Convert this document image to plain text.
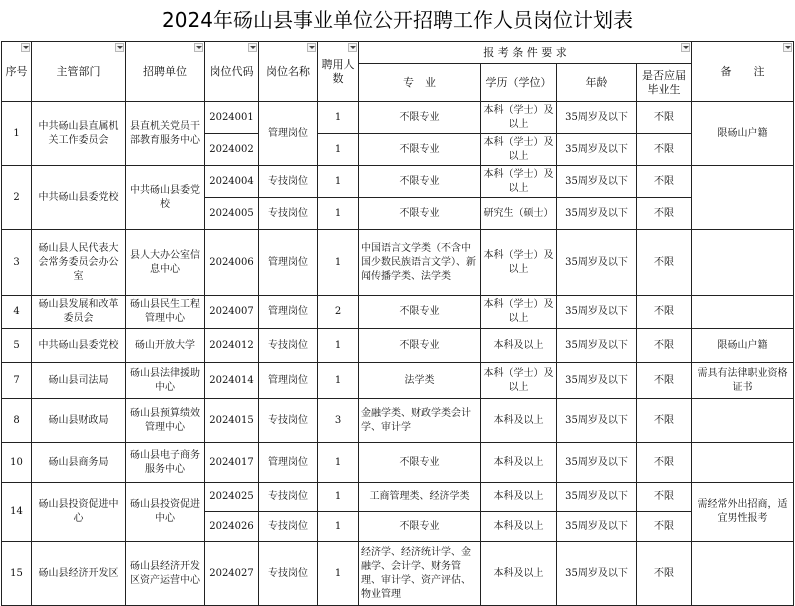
2024年砀山县事业单位公开招聘工作人员岗位计划表
序号	主管部门	招聘单位	岗位代码	岗位名称	聘用人数	报 考 条 件 要 求				备　　注

						专　业	学历（学位）	年龄	是否应届毕业生	

1	中共砀山县直属机关工作委员会	县直机关党员干部教育服务中心	2024001	管理岗位	1	不限专业	本科（学士）及以上	35周岁及以下	不限	限砀山户籍
			2024002		1	不限专业	本科（学士）及以上	35周岁及以下	不限	
2	中共砀山县委党校	中共砀山县委党校	2024004	专技岗位	1	不限专业	本科（学士）及以上	35周岁及以下	不限	
			2024005	专技岗位	1	不限专业	研究生（硕士）	35周岁及以下	不限	
3	砀山县人民代表大会常务委员会办公室	县人大办公室信息中心	2024006	管理岗位	1	中国语言文学类（不含中国少数民族语言文学）、新闻传播学类、法学类	本科（学士）及以上	35周岁及以下	不限	
4	砀山县发展和改革委员会	砀山县民生工程管理中心	2024007	管理岗位	2	不限专业	本科（学士）及以上	35周岁及以下	不限	
5	中共砀山县委党校	砀山开放大学	2024012	专技岗位	1	不限专业	本科及以上	35周岁及以下	不限	限砀山户籍
7	砀山县司法局	砀山县法律援助中心	2024014	管理岗位	1	法学类	本科（学士）及以上	35周岁及以下	不限	需具有法律职业资格证书
8	砀山县财政局	砀山县预算绩效管理中心	2024015	专技岗位	3	金融学类、财政学类会计学、审计学	本科及以上	35周岁及以下	不限	
10	砀山县商务局	砀山县电子商务服务中心	2024017	管理岗位	1	不限专业	本科及以上	35周岁及以下	不限	
14	砀山县投资促进中心	砀山县投资促进中心	2024025	专技岗位	1	工商管理类、经济学类	本科及以上	35周岁及以下	不限	需经常外出招商，适宜男性报考
			2024026	专技岗位	1	不限专业	本科及以上	35周岁及以下	不限	
15	砀山县经济开发区	砀山县经济开发区资产运营中心	2024027	专技岗位	1	经济学、经济统计学、金融学、会计学、财务管理、审计学、资产评估、物业管理	本科及以上	35周岁及以下	不限	
